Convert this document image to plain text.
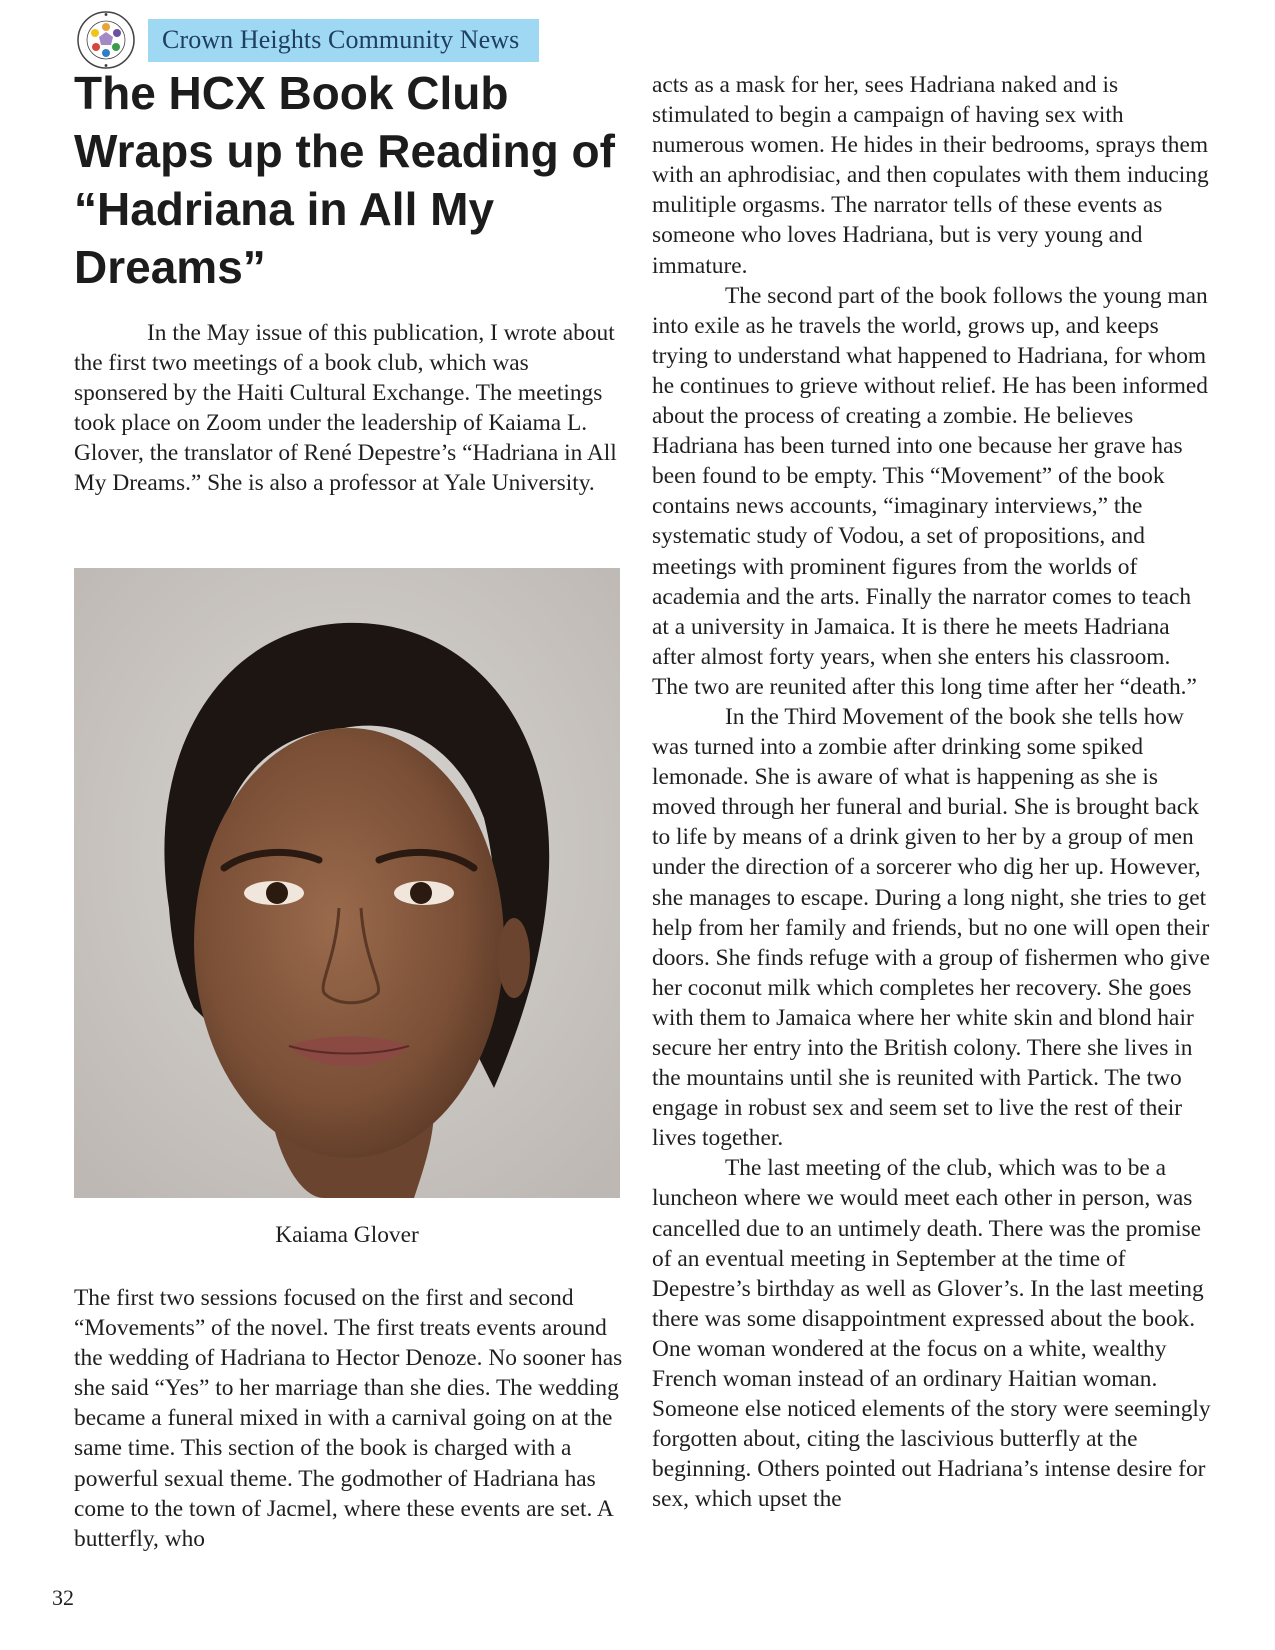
Crown Heights Community News
The HCX Book Club Wraps up the Reading of “Hadriana in All My Dreams”

In the May issue of this publication, I wrote about the first two meetings of a book club, which was sponsered by the Haiti Cultural Exchange. The meetings took place on Zoom under the leadership of Kaiama L. Glover, the translator of René Depestre’s “Hadriana in All My Dreams.” She is also a professor at Yale University.

Kaiama Glover

The first two sessions focused on the first and second “Movements” of the novel. The first treats events around the wedding of Hadriana to Hector Denoze. No sooner has she said “Yes” to her marriage than she dies. The wedding became a funeral mixed in with a carnival going on at the same time. This section of the book is charged with a powerful sexual theme. The godmother of Hadriana has come to the town of Jacmel, where these events are set. A butterfly, who

acts as a mask for her, sees Hadriana naked and is stimulated to begin a campaign of having sex with numerous women. He hides in their bedrooms, sprays them with an aphrodisiac, and then copulates with them inducing mulitiple orgasms. The narrator tells of these events as someone who loves Hadriana, but is very young and immature.

The second part of the book follows the young man into exile as he travels the world, grows up, and keeps trying to understand what happened to Hadriana, for whom he continues to grieve without relief. He has been informed about the process of creating a zombie. He believes Hadriana has been turned into one because her grave has been found to be empty. This “Movement” of the book contains news accounts, “imaginary interviews,” the systematic study of Vodou, a set of propositions, and meetings with prominent figures from the worlds of academia and the arts. Finally the narrator comes to teach at a university in Jamaica. It is there he meets Hadriana after almost forty years, when she enters his classroom. The two are reunited after this long time after her “death.”

In the Third Movement of the book she tells how was turned into a zombie after drinking some spiked lemonade. She is aware of what is happening as she is moved through her funeral and burial. She is brought back to life by means of a drink given to her by a group of men under the direction of a sorcerer who dig her up. However, she manages to escape. During a long night, she tries to get help from her family and friends, but no one will open their doors. She finds refuge with a group of fishermen who give her coconut milk which completes her recovery. She goes with them to Jamaica where her white skin and blond hair secure her entry into the British colony. There she lives in the mountains until she is reunited with Partick. The two engage in robust sex and seem set to live the rest of their lives together.

The last meeting of the club, which was to be a luncheon where we would meet each other in person, was cancelled due to an untimely death. There was the promise of an eventual meeting in September at the time of Depestre’s birthday as well as Glover’s. In the last meeting there was some disappointment expressed about the book. One woman wondered at the focus on a white, wealthy French woman instead of an ordinary Haitian woman. Someone else noticed elements of the story were seemingly forgotten about, citing the lascivious butterfly at the beginning. Others pointed out Hadriana’s intense desire for sex, which upset the

32
